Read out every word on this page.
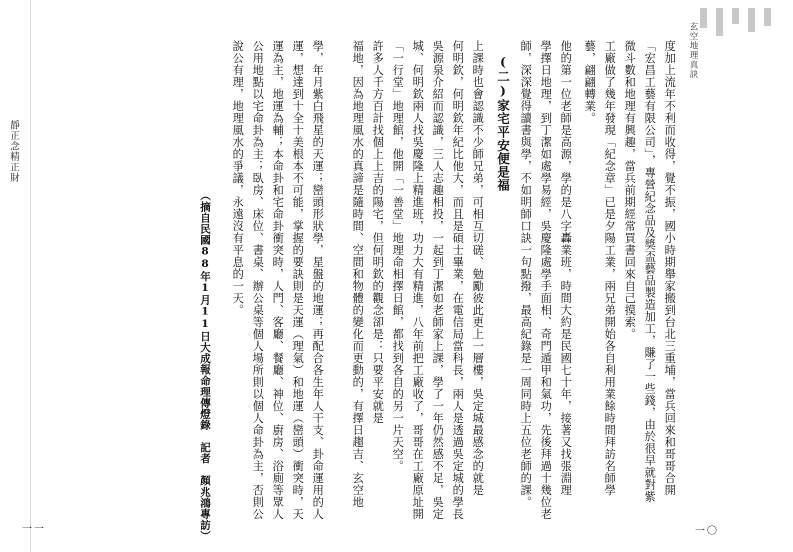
靜正念精正財
玄空地理真訣
一〇
一一
度加上流年不利而收得，覺不振，國小時期舉家搬到台北三重埔，當兵回來和哥哥合開
「宏昌工藝有限公司」，專營紀念品及獎盃藝品製造加工，賺了一些錢，由於很早就對紫
微斗數和地理有興趣，當兵前期經常買書回來自己摸索。
工廠做了幾年發現「紀念章」已是夕陽工業，兩兄弟開始各自利用業餘時間拜訪名師學
藝，翩翩轉業。
他的第一位老師是高源，學的是八字轟業班，時間大約是民國七十年，接著又找張淵理
學擇日地理，到丁潔如處學易經，吳慶隆處學手面相、奇門遁甲和氣功，先後拜過十幾位老
師，深深覺得讀書與學，不如明師口訣一句點撥，最高紀錄是一周同時上五位老師的課。
(二)家宅平安便是福
上課時也會認識不少師兄弟，可相互切磋、勉勵彼此更上一層樓，吳定城最感念的就是
何明欽，何明欽年紀比他大，而且是碩士畢業，在電信局當科長，兩人是透過吳定城的學長
吳源泉介紹而認識，三人志趣相投，一起到丁潔如老師家上課，學了一年仍然感不足，吳定
城、何明欽兩人找吳慶隆上精進班，功力大有精進，八年前把工廠收了，哥哥在工廠原址開
「一行堂」地理館，他開「一善堂」地理命相擇日館，都找到各自的另一片天空。
許多人千方百計找個上上吉的陽宅，但何明欽的觀念卻是：只要平安就是
福地，因為地理風水的真諦是隨時間、空間和物體的變化而更動的，有擇日趨吉、玄空地
學，年月紫白飛星的天運；巒頭形狀學，星盤的地運；再配合各生年人干支、卦命運用的人
運，想達到十全十美根本不可能，掌握的要訣則是天運（理氣）和地運（巒頭）衝突時，天
運為主，地運為輔；本命卦和宅命卦衝突時，人門、客廳、餐廳、神位、廚房、浴廁等眾人
公用地點以宅命卦為主；臥房、床位、書桌、辦公桌等個人場所則以個人命卦為主，否則公
說公有理，地理風水的爭議，永遠沒有平息的一天。
（摘自民國88年1月11日大成報命理傳燈錄　記者　顏兆鴻專訪）
